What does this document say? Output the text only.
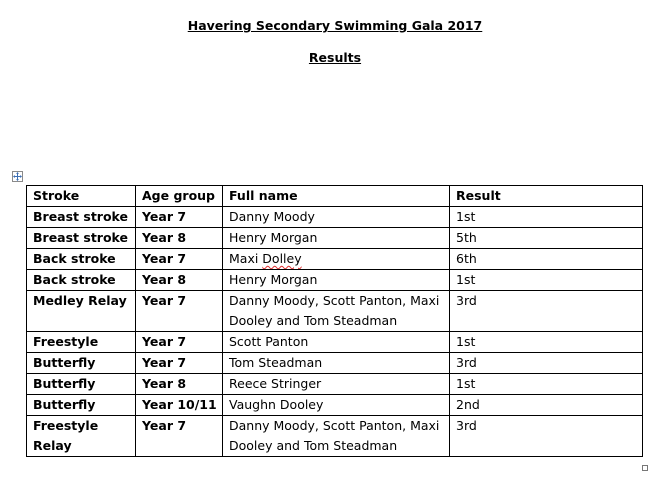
Havering Secondary Swimming Gala 2017
Results
Stroke	Age group	Full name	Result
Breast stroke	Year 7	Danny Moody	1st
Breast stroke	Year 8	Henry Morgan	5th
Back stroke	Year 7	Maxi Dolley	6th
Back stroke	Year 8	Henry Morgan	1st
Medley Relay	Year 7	Danny Moody, Scott Panton, Maxi Dooley and Tom Steadman	3rd
Freestyle	Year 7	Scott Panton	1st
Butterfly	Year 7	Tom Steadman	3rd
Butterfly	Year 8	Reece Stringer	1st
Butterfly	Year 10/11	Vaughn Dooley	2nd
Freestyle Relay	Year 7	Danny Moody, Scott Panton, Maxi Dooley and Tom Steadman	3rd
